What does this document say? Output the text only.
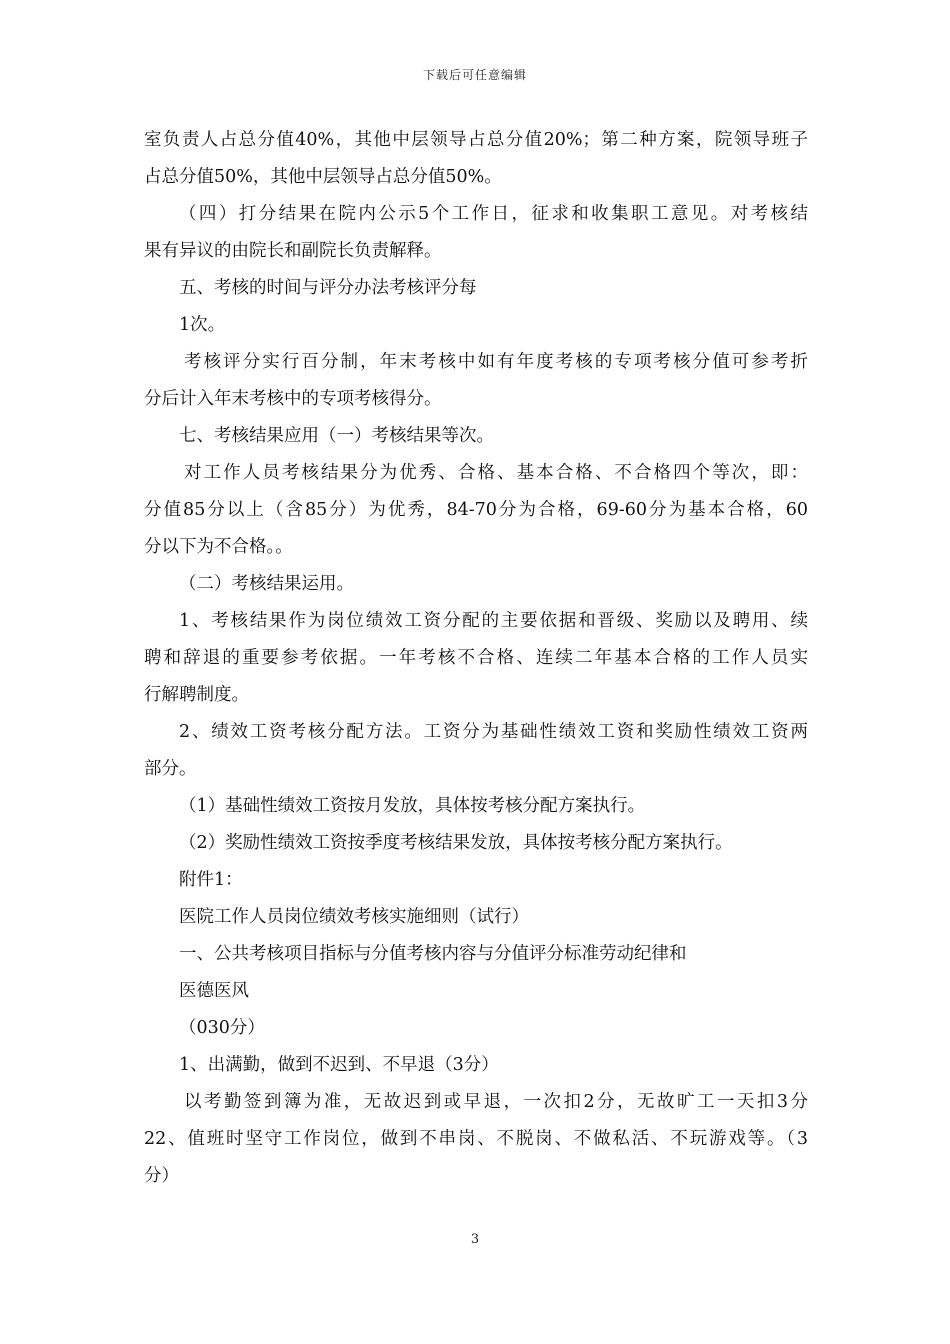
下载后可任意编辑

室负责人占总分值40%，其他中层领导占总分值20%；第二种方案，院领导班子

占总分值50%，其他中层领导占总分值50%。

（四）打分结果在院内公示5个工作日，征求和收集职工意见。对考核结

果有异议的由院长和副院长负责解释。

五、考核的时间与评分办法考核评分每

1次。

考核评分实行百分制，年末考核中如有年度考核的专项考核分值可参考折

分后计入年末考核中的专项考核得分。

七、考核结果应用（一）考核结果等次。

对工作人员考核结果分为优秀、合格、基本合格、不合格四个等次，即：

分值85分以上（含85分）为优秀，84-70分为合格，69-60分为基本合格，60

分以下为不合格。。

（二）考核结果运用。

1、考核结果作为岗位绩效工资分配的主要依据和晋级、奖励以及聘用、续

聘和辞退的重要参考依据。一年考核不合格、连续二年基本合格的工作人员实

行解聘制度。

2、绩效工资考核分配方法。工资分为基础性绩效工资和奖励性绩效工资两

部分。

（1）基础性绩效工资按月发放，具体按考核分配方案执行。

（2）奖励性绩效工资按季度考核结果发放，具体按考核分配方案执行。

附件1：

医院工作人员岗位绩效考核实施细则（试行）

一、公共考核项目指标与分值考核内容与分值评分标准劳动纪律和

医德医风

（030分）

1、出满勤，做到不迟到、不早退（3分）

以考勤签到簿为准，无故迟到或早退，一次扣2分，无故旷工一天扣3分

22、值班时坚守工作岗位，做到不串岗、不脱岗、不做私活、不玩游戏等。（3

分）

3
